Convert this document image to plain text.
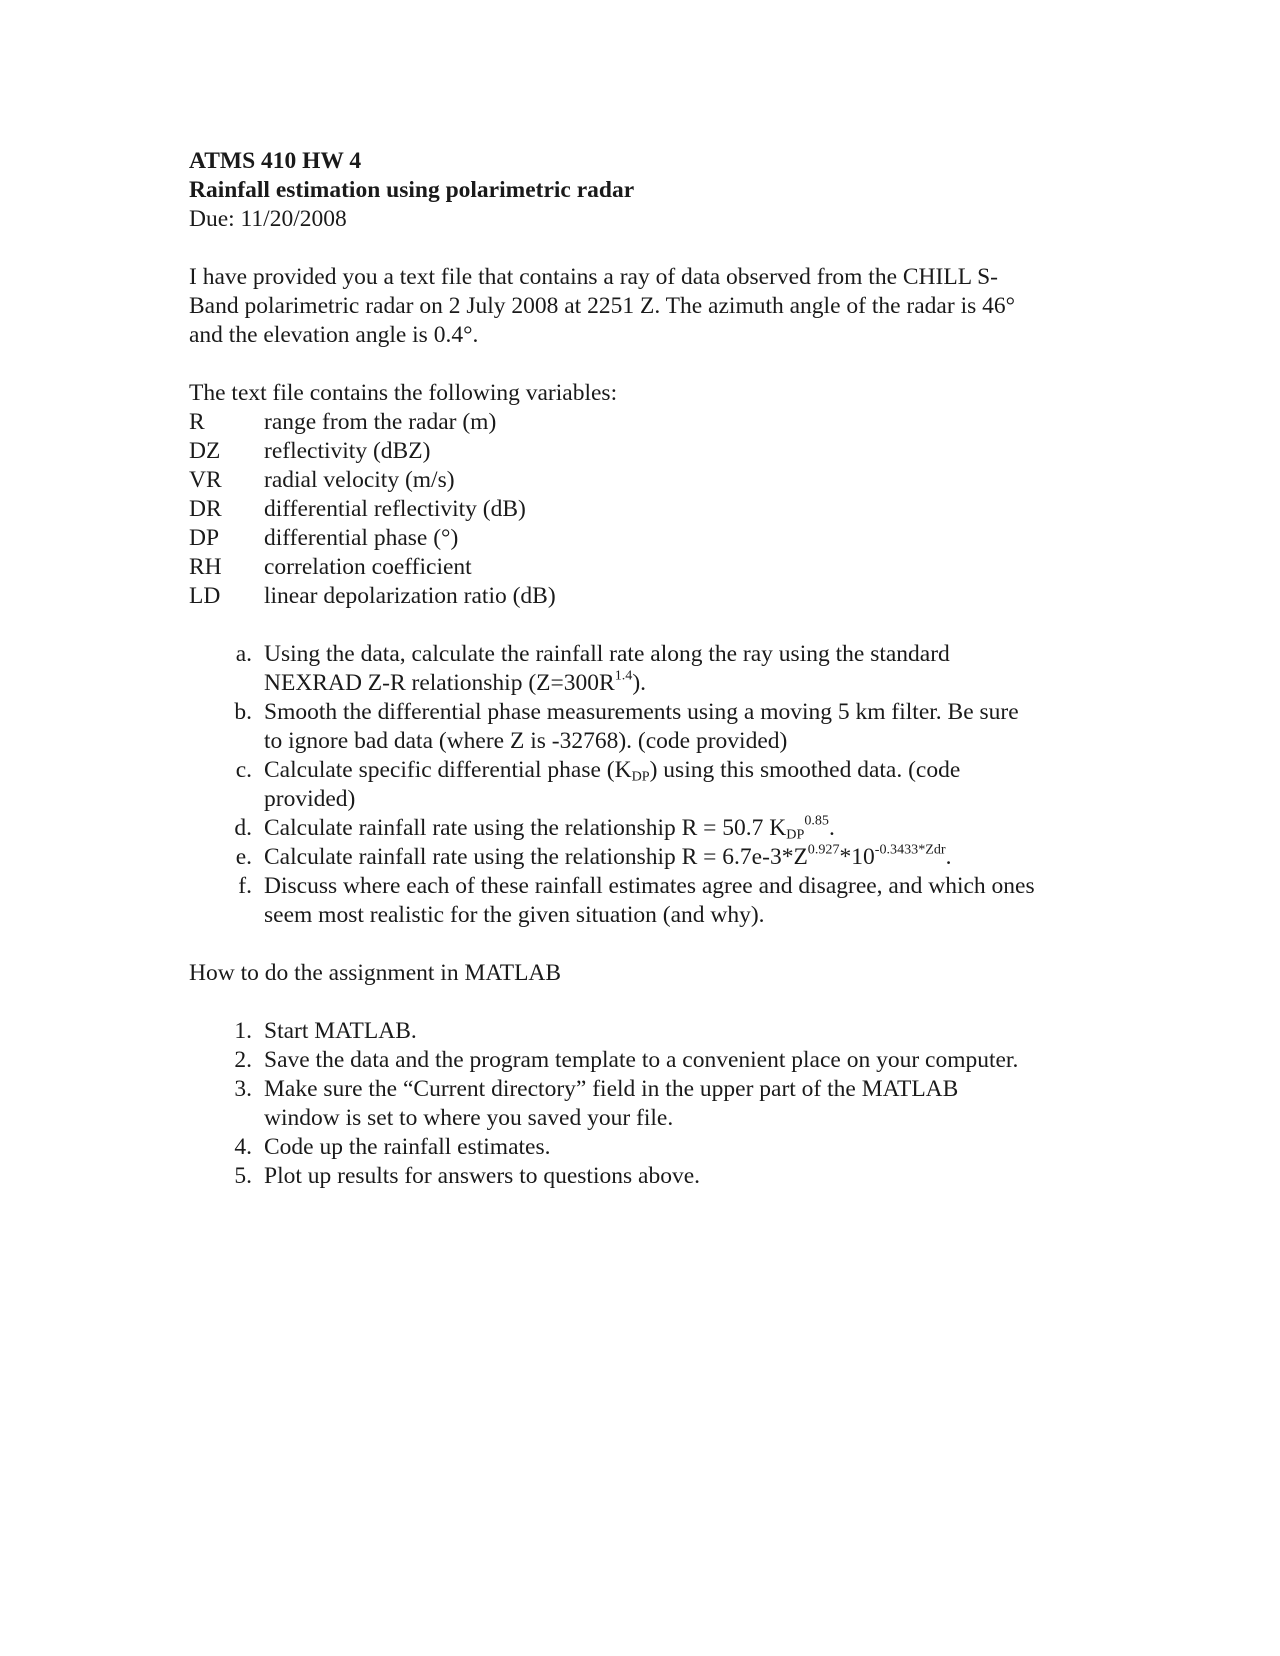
ATMS 410 HW 4

Rainfall estimation using polarimetric radar

Due: 11/20/2008

I have provided you a text file that contains a ray of data observed from the CHILL S-

Band polarimetric radar on 2 July 2008 at 2251 Z. The azimuth angle of the radar is 46°

and the elevation angle is 0.4°.

The text file contains the following variables:

R	range from the radar (m)
DZ	reflectivity (dBZ)
VR	radial velocity (m/s)
DR	differential reflectivity (dB)
DP	differential phase (°)
RH	correlation coefficient
LD	linear depolarization ratio (dB)
a. Using the data, calculate the rainfall rate along the ray using the standard
NEXRAD Z-R relationship $(Z=300R^{1.4})$.
b. Smooth the differential phase measurements using a moving 5 km filter. Be sure
to ignore bad data (where Z is -32768). (code provided)
c. Calculate specific differential phase $(K_{DP})$ using this smoothed data. (code
provided)
d. Calculate rainfall rate using the relationship R = 50.7 $K_{DP}^{0.85}$.
e. Calculate rainfall rate using the relationship $R = 6.7e-3*Z^{0.927}*10^{-0.3433*Zdr}$.
f. Discuss where each of these rainfall estimates agree and disagree, and which ones
seem most realistic for the given situation (and why).

How to do the assignment in MATLAB

1. Start MATLAB.
2. Save the data and the program template to a convenient place on your computer.
3. Make sure the “Current directory” field in the upper part of the MATLAB
window is set to where you saved your file.
4. Code up the rainfall estimates.
5. Plot up results for answers to questions above.
